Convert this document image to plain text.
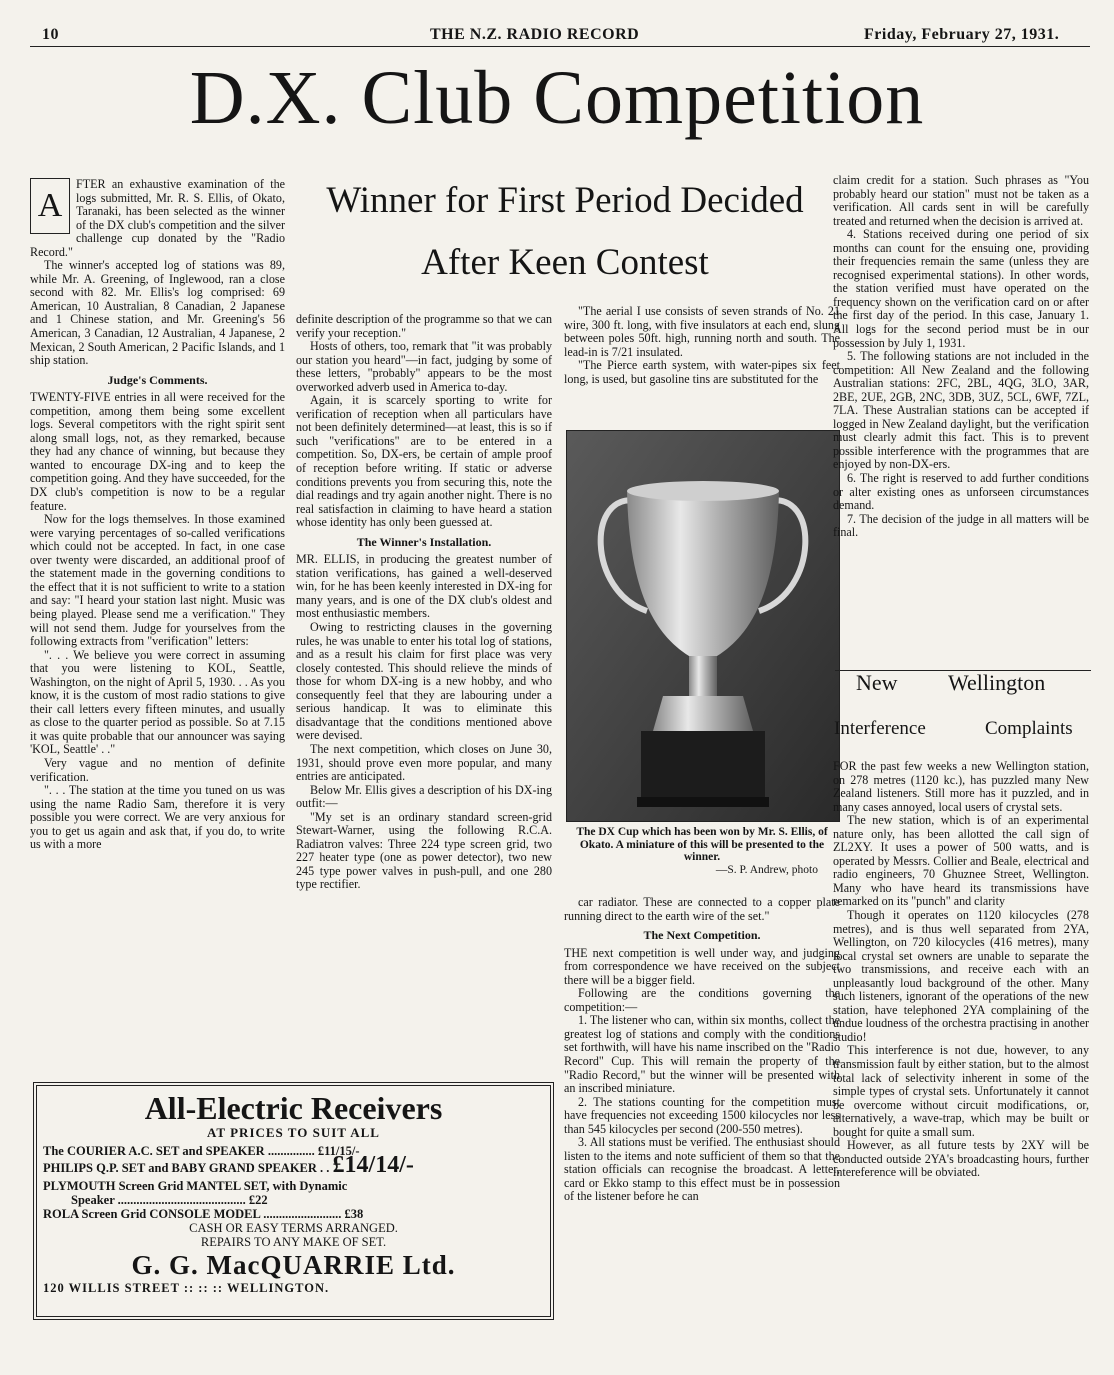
10	THE N.Z. RADIO RECORD	Friday, February 27, 1931.
D.X. Club Competition
Winner for First Period Decided
After Keen Contest
A

FTER an exhaustive examination of the logs submitted, Mr. R. S. Ellis, of Okato, Taranaki, has been selected as the winner of the DX club's competition and the silver challenge cup donated by the "Radio Record."

The winner's accepted log of stations was 89, while Mr. A. Greening, of Inglewood, ran a close second with 82. Mr. Ellis's log comprised: 69 American, 10 Australian, 8 Canadian, 2 Japanese and 1 Chinese station, and Mr. Greening's 56 American, 3 Canadian, 12 Australian, 4 Japanese, 2 Mexican, 2 South American, 2 Pacific Islands, and 1 ship station.

Judge's Comments.

TWENTY-FIVE entries in all were received for the competition, among them being some excellent logs. Several competitors with the right spirit sent along small logs, not, as they remarked, because they had any chance of winning, but because they wanted to encourage DX-ing and to keep the competition going. And they have succeeded, for the DX club's competition is now to be a regular feature.

Now for the logs themselves. In those examined were varying percentages of so-called verifications which could not be accepted. In fact, in one case over twenty were discarded, an additional proof of the statement made in the governing conditions to the effect that it is not sufficient to write to a station and say: "I heard your station last night. Music was being played. Please send me a verification." They will not send them. Judge for yourselves from the following extracts from "verification" letters:

". . . We believe you were correct in assuming that you were listening to KOL, Seattle, Washington, on the night of April 5, 1930. . . As you know, it is the custom of most radio stations to give their call letters every fifteen minutes, and usually as close to the quarter period as possible. So at 7.15 it was quite probable that our announcer was saying 'KOL, Seattle' . ."

Very vague and no mention of definite verification.

". . . The station at the time you tuned on us was using the name Radio Sam, therefore it is very possible you were correct. We are very anxious for you to get us again and ask that, if you do, to write us with a more

definite description of the programme so that we can verify your reception."

Hosts of others, too, remark that "it was probably our station you heard"—in fact, judging by some of these letters, "probably" appears to be the most overworked adverb used in America to-day.

Again, it is scarcely sporting to write for verification of reception when all particulars have not been definitely determined—at least, this is so if such "verifications" are to be entered in a competition. So, DX-ers, be certain of ample proof of reception before writing. If static or adverse conditions prevents you from securing this, note the dial readings and try again another night. There is no real satisfaction in claiming to have heard a station whose identity has only been guessed at.

The Winner's Installation.

MR. ELLIS, in producing the greatest number of station verifications, has gained a well-deserved win, for he has been keenly interested in DX-ing for many years, and is one of the DX club's oldest and most enthusiastic members.

Owing to restricting clauses in the governing rules, he was unable to enter his total log of stations, and as a result his claim for first place was very closely contested. This should relieve the minds of those for whom DX-ing is a new hobby, and who consequently feel that they are labouring under a serious handicap. It was to eliminate this disadvantage that the conditions mentioned above were devised.

The next competition, which closes on June 30, 1931, should prove even more popular, and many entries are anticipated.

Below Mr. Ellis gives a description of his DX-ing outfit:—

"My set is an ordinary standard screen-grid Stewart-Warner, using the following R.C.A. Radiatron valves: Three 224 type screen grid, two 227 heater type (one as power detector), two new 245 type power valves in push-pull, and one 280 type rectifier.

"The aerial I use consists of seven strands of No. 21 wire, 300 ft. long, with five insulators at each end, slung between poles 50ft. high, running north and south. The lead-in is 7/21 insulated.

"The Pierce earth system, with water-pipes six feet long, is used, but gasoline tins are substituted for the

The DX Cup which has been won by Mr. S. Ellis, of Okato. A miniature of this will be presented to the winner.
—S. P. Andrew, photo

car radiator. These are connected to a copper plate running direct to the earth wire of the set."

The Next Competition.

THE next competition is well under way, and judging from correspondence we have received on the subject there will be a bigger field.

Following are the conditions governing the competition:—

1. The listener who can, within six months, collect the greatest log of stations and comply with the conditions set forthwith, will have his name inscribed on the "Radio Record" Cup. This will remain the property of the "Radio Record," but the winner will be presented with an inscribed miniature.

2. The stations counting for the competition must have frequencies not exceeding 1500 kilocycles nor less than 545 kilocycles per second (200-550 metres).

3. All stations must be verified. The enthusiast should listen to the items and note sufficient of them so that the station officials can recognise the broadcast. A letter, card or Ekko stamp to this effect must be in possession of the listener before he can

claim credit for a station. Such phrases as "You probably heard our station" must not be taken as a verification. All cards sent in will be carefully treated and returned when the decision is arrived at.

4. Stations received during one period of six months can count for the ensuing one, providing their frequencies remain the same (unless they are recognised experimental stations). In other words, the station verified must have operated on the frequency shown on the verification card on or after the first day of the period. In this case, January 1. All logs for the second period must be in our possession by July 1, 1931.

5. The following stations are not included in the competition: All New Zealand and the following Australian stations: 2FC, 2BL, 4QG, 3LO, 3AR, 2BE, 2UE, 2GB, 2NC, 3DB, 3UZ, 5CL, 6WF, 7ZL, 7LA. These Australian stations can be accepted if logged in New Zealand daylight, but the verification must clearly admit this fact. This is to prevent possible interference with the programmes that are enjoyed by non-DX-ers.

6. The right is reserved to add further conditions or alter existing ones as unforseen circumstances demand.

7. The decision of the judge in all matters will be final.

New Wellington
Interference	Complaints

FOR the past few weeks a new Wellington station, on 278 metres (1120 kc.), has puzzled many New Zealand listeners. Still more has it puzzled, and in many cases annoyed, local users of crystal sets.

The new station, which is of an experimental nature only, has been allotted the call sign of ZL2XY. It uses a power of 500 watts, and is operated by Messrs. Collier and Beale, electrical and radio engineers, 70 Ghuznee Street, Wellington. Many who have heard its transmissions have remarked on its "punch" and clarity

Though it operates on 1120 kilocycles (278 metres), and is thus well separated from 2YA, Wellington, on 720 kilocycles (416 metres), many local crystal set owners are unable to separate the two transmissions, and receive each with an unpleasantly loud background of the other. Many such listeners, ignorant of the operations of the new station, have telephoned 2YA complaining of the undue loudness of the orchestra practising in another studio!

This interference is not due, however, to any transmission fault by either station, but to the almost total lack of selectivity inherent in some of the simple types of crystal sets. Unfortunately it cannot be overcome without circuit modifications, or, alternatively, a wave-trap, which may be built or bought for quite a small sum.

However, as all future tests by 2XY will be conducted outside 2YA's broadcasting hours, further intereference will be obviated.

All-Electric Receivers
AT PRICES TO SUIT ALL
The COURIER A.C. SET and SPEAKER ............... £11/15/-
PHILIPS Q.P. SET and BABY GRAND SPEAKER . . £14/14/-
PLYMOUTH Screen Grid MANTEL SET, with Dynamic
Speaker ......................................... £22
ROLA Screen Grid CONSOLE MODEL ......................... £38
CASH OR EASY TERMS ARRANGED.
REPAIRS TO ANY MAKE OF SET.
G. G. MacQUARRIE Ltd.
120 WILLIS STREET :: :: :: WELLINGTON.
